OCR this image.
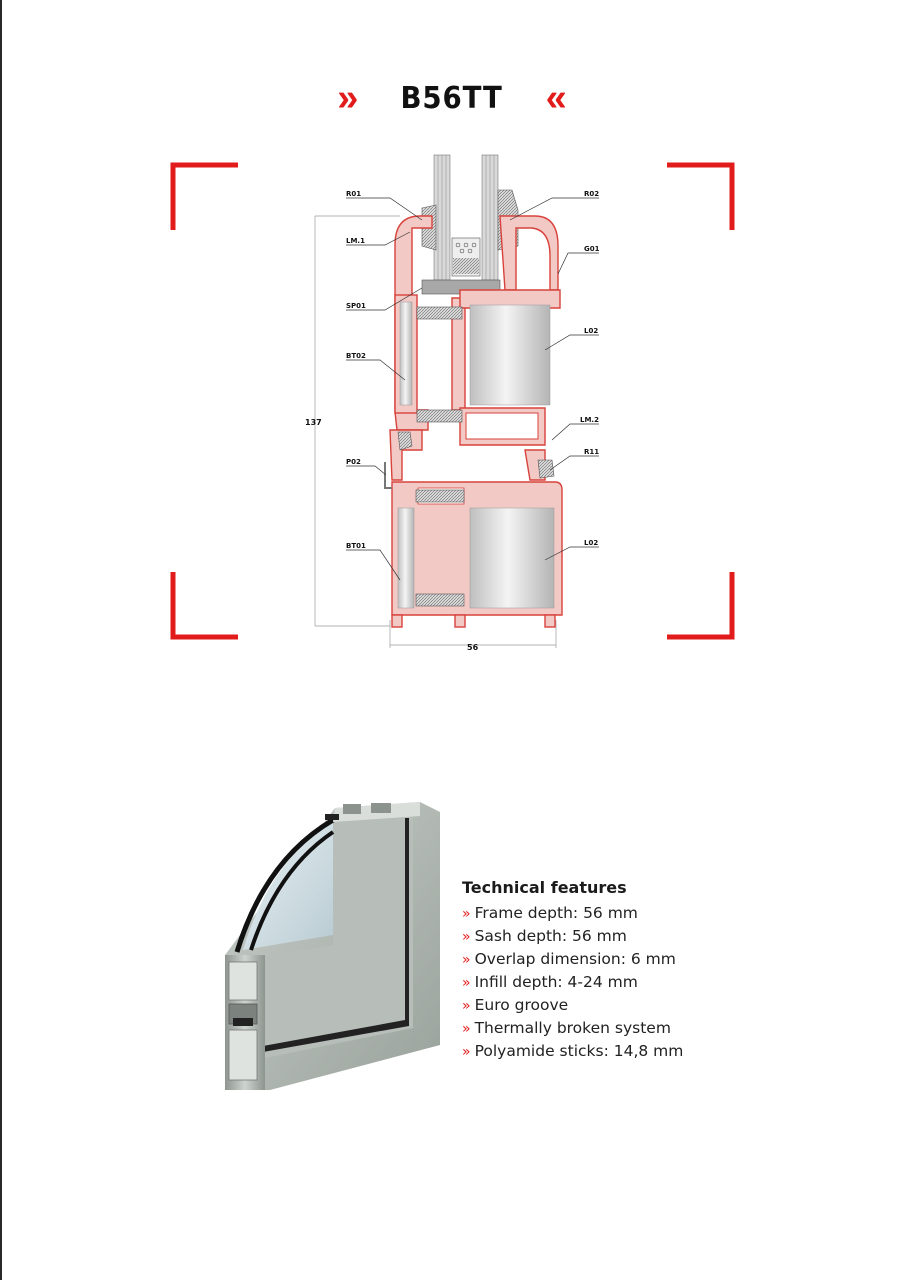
» B56TT «
137
56
R01
LM.1
SP01
BT02
P02
BT01
R02
G01
L02
LM.2
R11
L02
Technical features
» Frame depth: 56 mm
» Sash depth: 56 mm
» Overlap dimension: 6 mm
» Infill depth: 4-24 mm
» Euro groove
» Thermally broken system
» Polyamide sticks: 14,8 mm
